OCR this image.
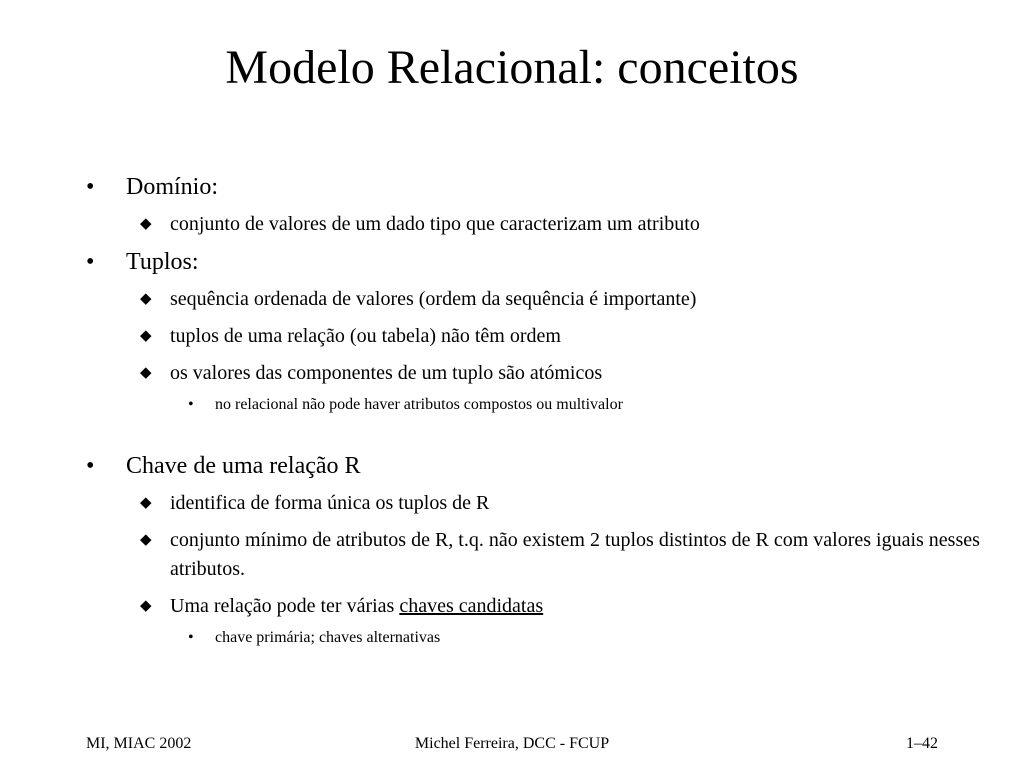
Modelo Relacional: conceitos
• Domínio:
◆ conjunto de valores de um dado tipo que caracterizam um atributo
• Tuplos:
◆ sequência ordenada de valores (ordem da sequência é importante)
◆ tuplos de uma relação (ou tabela) não têm ordem
◆ os valores das componentes de um tuplo são atómicos
• no relacional não pode haver atributos compostos ou multivalor
• Chave de uma relação R
◆ identifica de forma única os tuplos de R
◆ conjunto mínimo de atributos de R, t.q. não existem 2 tuplos distintos de R com valores iguais nesses atributos.
◆ Uma relação pode ter várias chaves candidatas
• chave primária; chaves alternativas
MI, MIAC 2002	Michel Ferreira, DCC - FCUP	1–42
